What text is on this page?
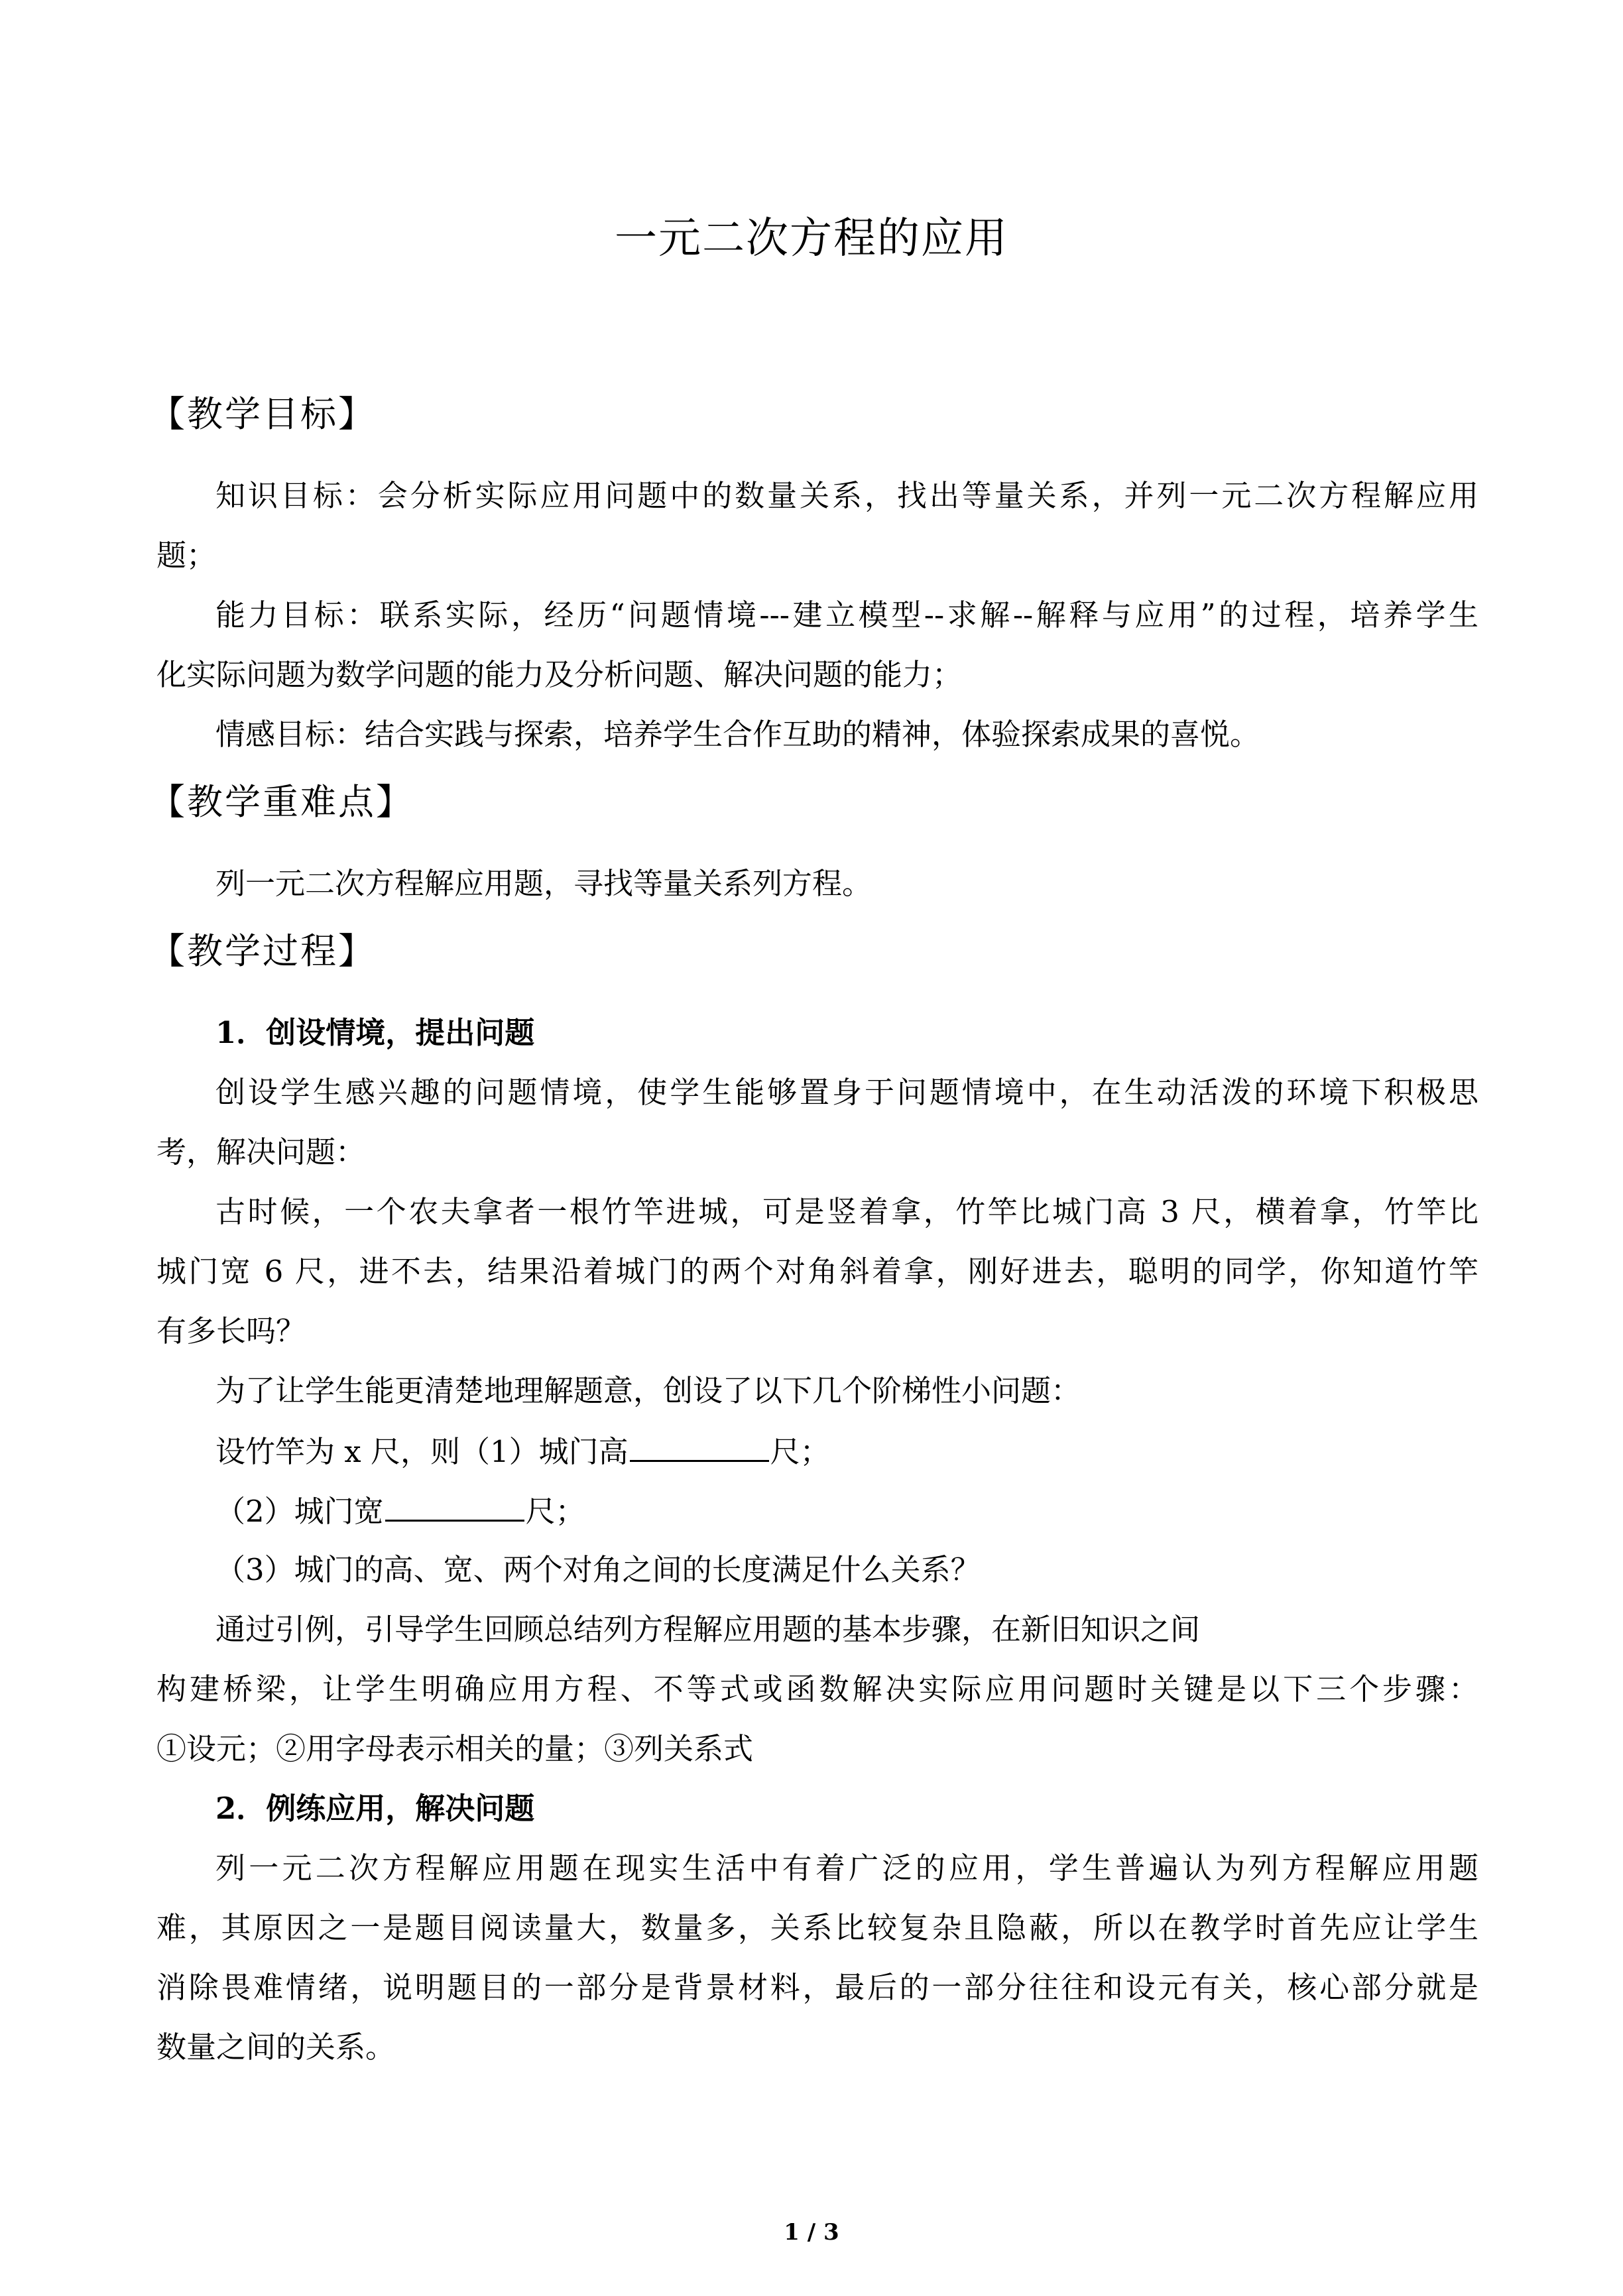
一元二次方程的应用
【教学目标】
知识目标：会分析实际应用问题中的数量关系，找出等量关系，并列一元二次方程解应用
题；
能力目标：联系实际，经历“问题情境---建立模型--求解--解释与应用”的过程，培养学生
化实际问题为数学问题的能力及分析问题、解决问题的能力；
情感目标：结合实践与探索，培养学生合作互助的精神，体验探索成果的喜悦。
【教学重难点】
列一元二次方程解应用题，寻找等量关系列方程。
【教学过程】
1．创设情境，提出问题
创设学生感兴趣的问题情境，使学生能够置身于问题情境中，在生动活泼的环境下积极思
考，解决问题：
古时候，一个农夫拿者一根竹竿进城，可是竖着拿，竹竿比城门高 3 尺，横着拿，竹竿比
城门宽 6 尺，进不去，结果沿着城门的两个对角斜着拿，刚好进去，聪明的同学，你知道竹竿
有多长吗？
为了让学生能更清楚地理解题意，创设了以下几个阶梯性小问题：
设竹竿为 x 尺，则（1）城门高	尺；
（2）城门宽	尺；
（3）城门的高、宽、两个对角之间的长度满足什么关系？
通过引例，引导学生回顾总结列方程解应用题的基本步骤，在新旧知识之间
构建桥梁，让学生明确应用方程、不等式或函数解决实际应用问题时关键是以下三个步骤：
①设元；②用字母表示相关的量；③列关系式
2．例练应用，解决问题
列一元二次方程解应用题在现实生活中有着广泛的应用，学生普遍认为列方程解应用题
难，其原因之一是题目阅读量大，数量多，关系比较复杂且隐蔽，所以在教学时首先应让学生
消除畏难情绪，说明题目的一部分是背景材料，最后的一部分往往和设元有关，核心部分就是
数量之间的关系。
1 / 3
